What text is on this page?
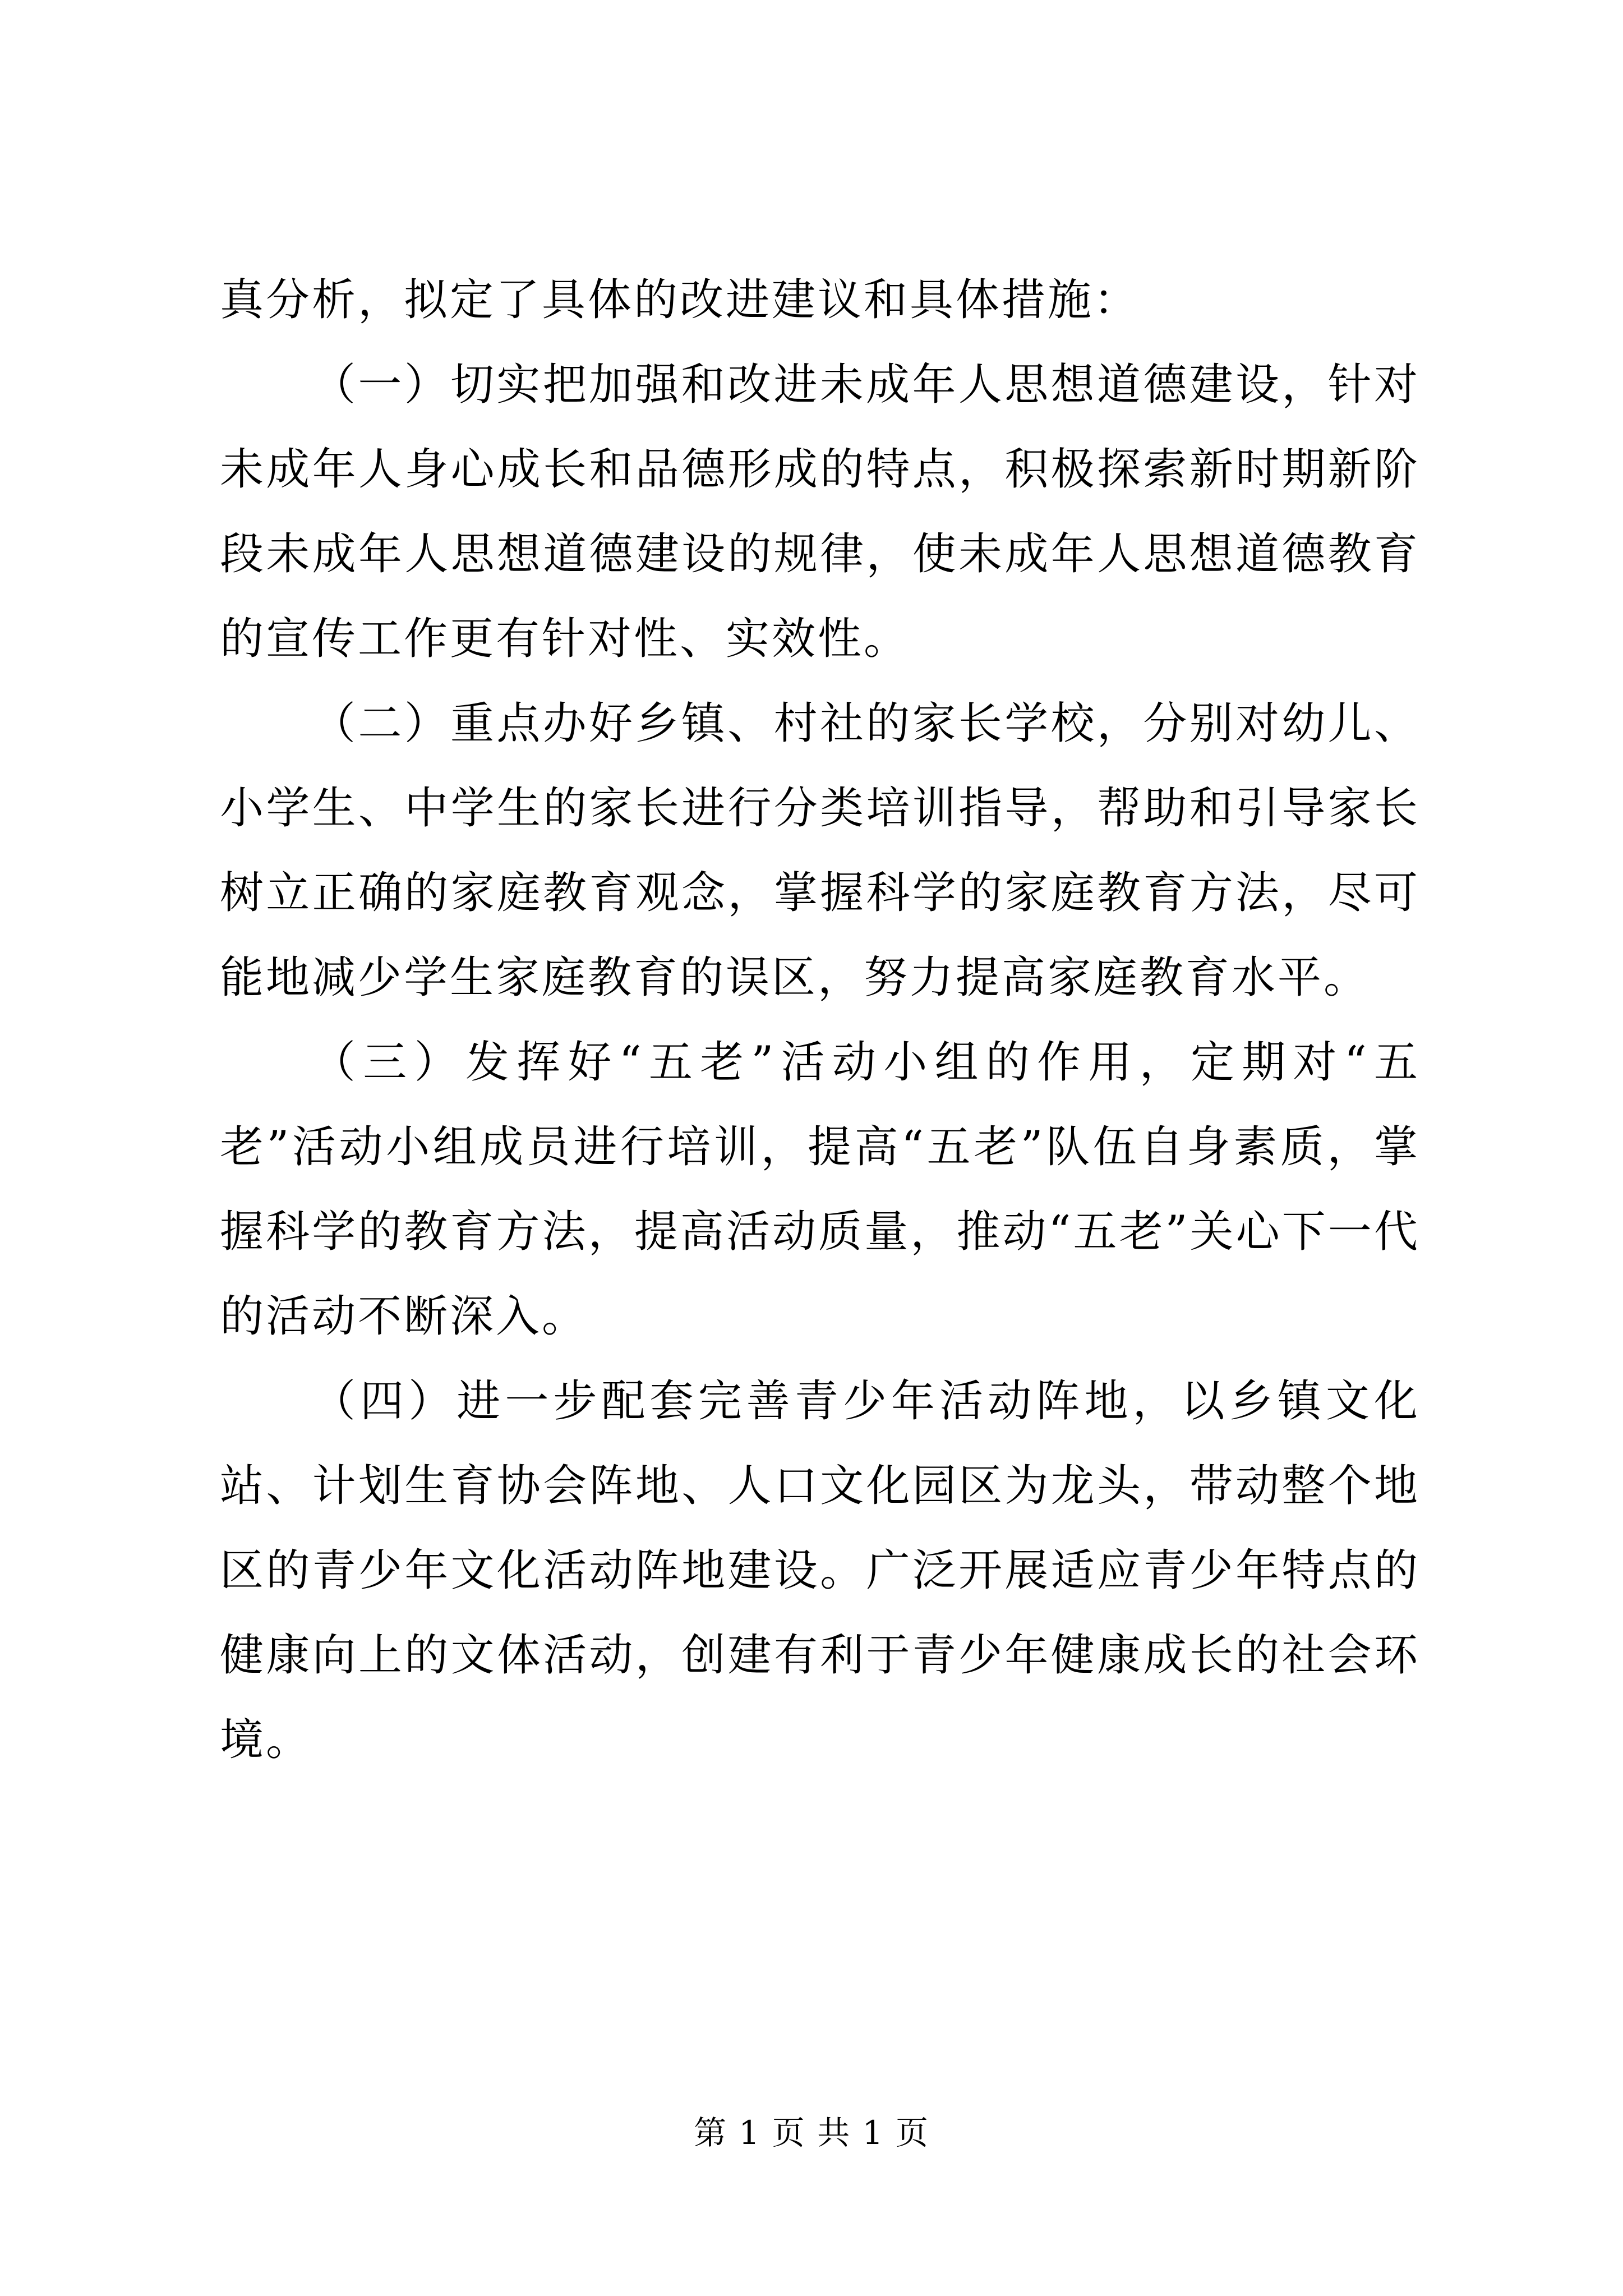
真分析，拟定了具体的改进建议和具体措施：

（一）切实把加强和改进未成年人思想道德建设，针对未成年人身心成长和品德形成的特点，积极探索新时期新阶段未成年人思想道德建设的规律，使未成年人思想道德教育的宣传工作更有针对性、实效性。

（二）重点办好乡镇、村社的家长学校，分别对幼儿、小学生、中学生的家长进行分类培训指导，帮助和引导家长树立正确的家庭教育观念，掌握科学的家庭教育方法，尽可能地减少学生家庭教育的误区，努力提高家庭教育水平。

（三）发挥好“五老”活动小组的作用，定期对“五老”活动小组成员进行培训，提高“五老”队伍自身素质，掌握科学的教育方法，提高活动质量，推动“五老”关心下一代的活动不断深入。

（四）进一步配套完善青少年活动阵地，以乡镇文化站、计划生育协会阵地、人口文化园区为龙头，带动整个地区的青少年文化活动阵地建设。广泛开展适应青少年特点的健康向上的文体活动，创建有利于青少年健康成长的社会环境。

第 1 页 共 1 页
